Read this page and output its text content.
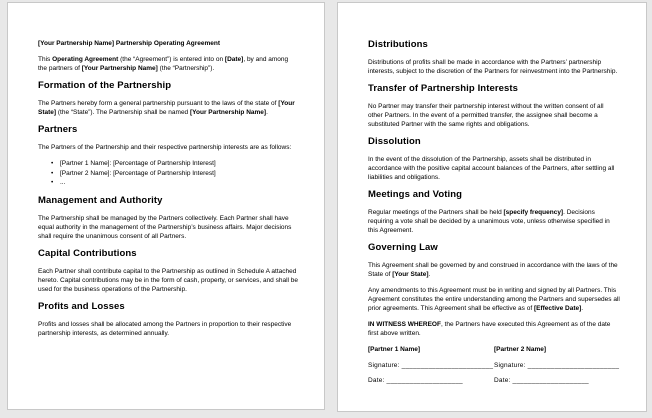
[Your Partnership Name] Partnership Operating Agreement

This Operating Agreement (the “Agreement”) is entered into on [Date], by and among the partners of [Your Partnership Name] (the “Partnership”).

Formation of the Partnership

The Partners hereby form a general partnership pursuant to the laws of the state of [Your State] (the “State”). The Partnership shall be named [Your Partnership Name].

Partners

The Partners of the Partnership and their respective partnership interests are as follows:

• [Partner 1 Name]: [Percentage of Partnership Interest]
• [Partner 2 Name]: [Percentage of Partnership Interest]
• ...
Management and Authority

The Partnership shall be managed by the Partners collectively. Each Partner shall have equal authority in the management of the Partnership’s business affairs. Major decisions shall require the unanimous consent of all Partners.

Capital Contributions

Each Partner shall contribute capital to the Partnership as outlined in Schedule A attached hereto. Capital contributions may be in the form of cash, property, or services, and shall be used for the business operations of the Partnership.

Profits and Losses

Profits and losses shall be allocated among the Partners in proportion to their respective partnership interests, as determined annually.

Distributions

Distributions of profits shall be made in accordance with the Partners’ partnership interests, subject to the discretion of the Partners for reinvestment into the Partnership.

Transfer of Partnership Interests

No Partner may transfer their partnership interest without the written consent of all other Partners. In the event of a permitted transfer, the assignee shall become a substituted Partner with the same rights and obligations.

Dissolution

In the event of the dissolution of the Partnership, assets shall be distributed in accordance with the positive capital account balances of the Partners, after settling all liabilities and obligations.

Meetings and Voting

Regular meetings of the Partners shall be held [specify frequency]. Decisions requiring a vote shall be decided by a unanimous vote, unless otherwise specified in this Agreement.

Governing Law

This Agreement shall be governed by and construed in accordance with the laws of the State of [Your State].

Any amendments to this Agreement must be in writing and signed by all Partners. This Agreement constitutes the entire understanding among the Partners and supersedes all prior agreements. This Agreement shall be effective as of [Effective Date].

IN WITNESS WHEREOF, the Partners have executed this Agreement as of the date first above written.

[Partner 1 Name]

Signature: ________________________

Date: ____________________

[Partner 2 Name]

Signature: ________________________

Date: ____________________
